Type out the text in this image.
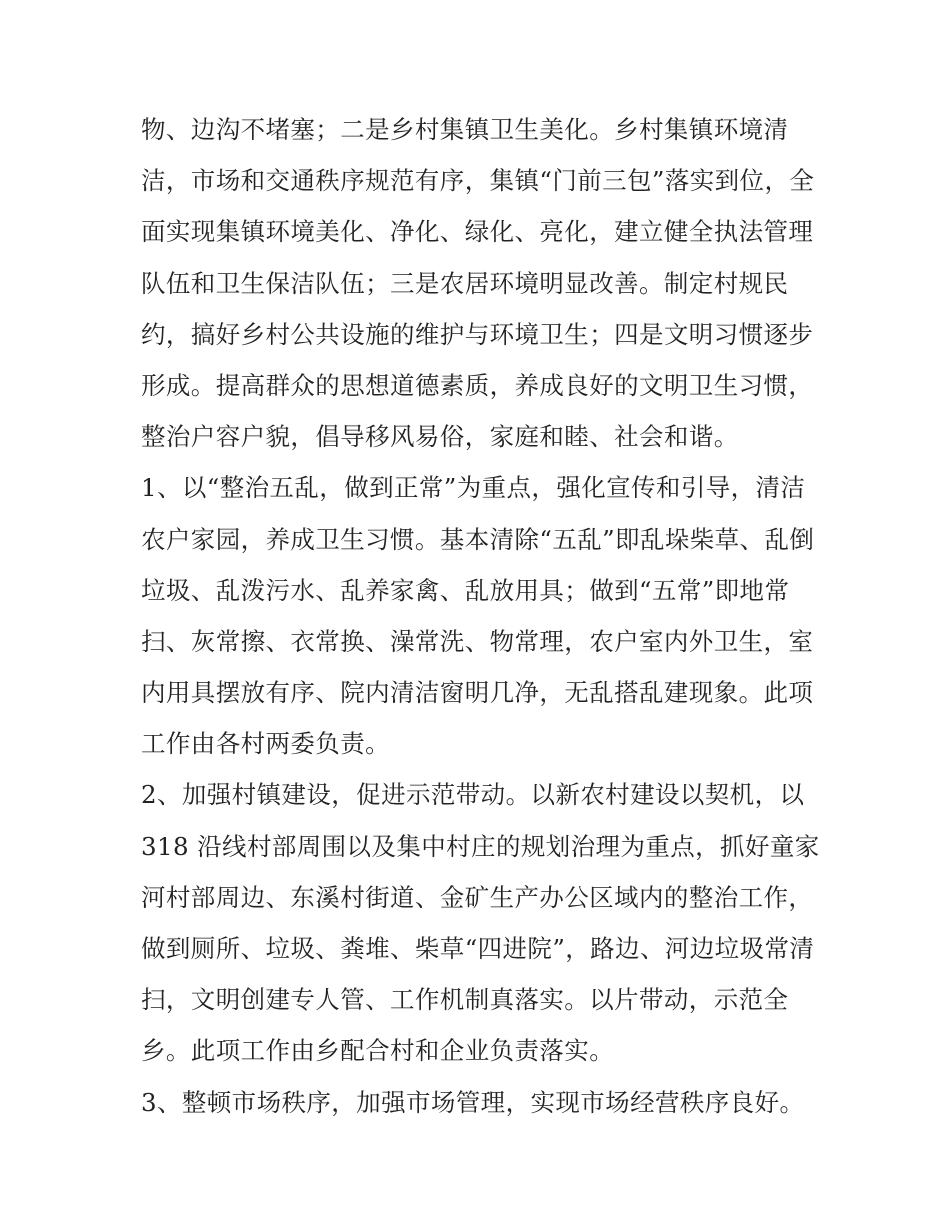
物、边沟不堵塞；二是乡村集镇卫生美化。乡村集镇环境清
洁，市场和交通秩序规范有序，集镇“门前三包”落实到位，全
面实现集镇环境美化、净化、绿化、亮化，建立健全执法管理
队伍和卫生保洁队伍；三是农居环境明显改善。制定村规民
约，搞好乡村公共设施的维护与环境卫生；四是文明习惯逐步
形成。提高群众的思想道德素质，养成良好的文明卫生习惯，
整治户容户貌，倡导移风易俗，家庭和睦、社会和谐。
1、以“整治五乱，做到正常”为重点，强化宣传和引导，清洁
农户家园，养成卫生习惯。基本清除“五乱”即乱垛柴草、乱倒
垃圾、乱泼污水、乱养家禽、乱放用具；做到“五常”即地常
扫、灰常擦、衣常换、澡常洗、物常理，农户室内外卫生，室
内用具摆放有序、院内清洁窗明几净，无乱搭乱建现象。此项
工作由各村两委负责。
2、加强村镇建设，促进示范带动。以新农村建设以契机，以
318 沿线村部周围以及集中村庄的规划治理为重点，抓好童家
河村部周边、东溪村街道、金矿生产办公区域内的整治工作，
做到厕所、垃圾、粪堆、柴草“四进院”，路边、河边垃圾常清
扫，文明创建专人管、工作机制真落实。以片带动，示范全
乡。此项工作由乡配合村和企业负责落实。
3、整顿市场秩序，加强市场管理，实现市场经营秩序良好。
